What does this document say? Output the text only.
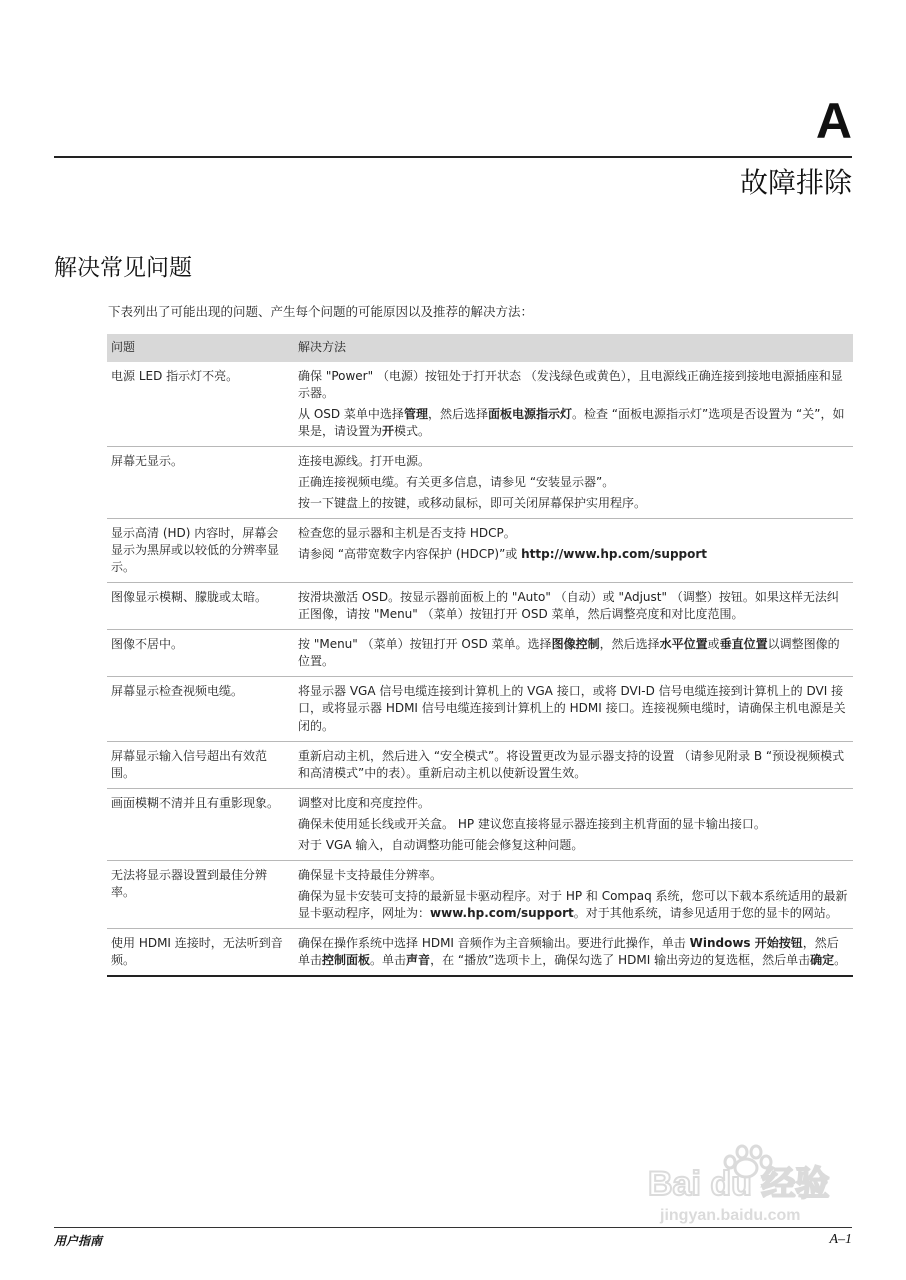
A
故障排除
解决常见问题
下表列出了可能出现的问题、产生每个问题的可能原因以及推荐的解决方法：
问题	解决方法
电源 LED 指示灯不亮。	确保 "Power" （电源）按钮处于打开状态 （发浅绿色或黄色），且电源线正确连接到接地电源插座和显示器。

从 OSD 菜单中选择管理，然后选择面板电源指示灯。检查 “面板电源指示灯”选项是否设置为 “关”，如果是，请设置为开模式。

屏幕无显示。	连接电源线。打开电源。

正确连接视频电缆。有关更多信息，请参见 “安装显示器”。

按一下键盘上的按键，或移动鼠标，即可关闭屏幕保护实用程序。

显示高清 (HD) 内容时，屏幕会显示为黑屏或以较低的分辨率显示。	检查您的显示器和主机是否支持 HDCP。

请参阅 “高带宽数字内容保护 (HDCP)”或 http://www.hp.com/support

图像显示模糊、朦胧或太暗。	按滑块激活 OSD。按显示器前面板上的 "Auto" （自动）或 "Adjust" （调整）按钮。如果这样无法纠正图像，请按 "Menu" （菜单）按钮打开 OSD 菜单，然后调整亮度和对比度范围。

图像不居中。	按 "Menu" （菜单）按钮打开 OSD 菜单。选择图像控制，然后选择水平位置或垂直位置以调整图像的位置。

屏幕显示检查视频电缆。	将显示器 VGA 信号电缆连接到计算机上的 VGA 接口，或将 DVI-D 信号电缆连接到计算机上的 DVI 接口，或将显示器 HDMI 信号电缆连接到计算机上的 HDMI 接口。连接视频电缆时，请确保主机电源是关闭的。

屏幕显示输入信号超出有效范围。	重新启动主机，然后进入 “安全模式”。将设置更改为显示器支持的设置 （请参见附录 B “预设视频模式和高清模式”中的表）。重新启动主机以使新设置生效。

画面模糊不清并且有重影现象。	调整对比度和亮度控件。

确保未使用延长线或开关盒。 HP 建议您直接将显示器连接到主机背面的显卡输出接口。

对于 VGA 输入，自动调整功能可能会修复这种问题。

无法将显示器设置到最佳分辨率。	确保显卡支持最佳分辨率。

确保为显卡安装可支持的最新显卡驱动程序。对于 HP 和 Compaq 系统，您可以下载本系统适用的最新显卡驱动程序，网址为：www.hp.com/support。对于其他系统，请参见适用于您的显卡的网站。

使用 HDMI 连接时，无法听到音频。	确保在操作系统中选择 HDMI 音频作为主音频输出。要进行此操作，单击 Windows 开始按钮，然后单击控制面板。单击声音，在 “播放”选项卡上，确保勾选了 HDMI 输出旁边的复选框，然后单击确定。

用户指南	A–1
Bai du 经验
jingyan.baidu.com
